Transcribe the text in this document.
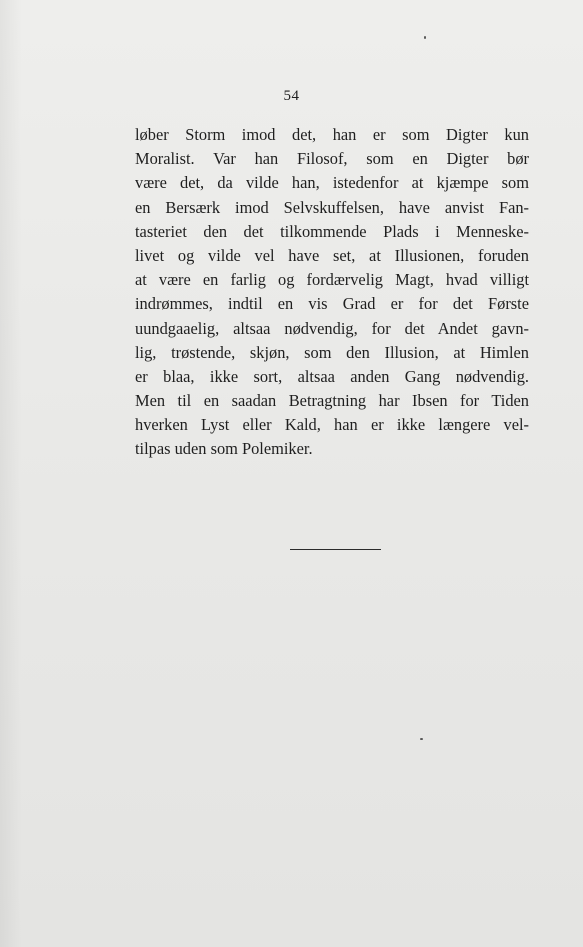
54
løber Storm imod det, han er som Digter kun
Moralist. Var han Filosof, som en Digter bør
være det, da vilde han, istedenfor at kjæmpe som
en Bersærk imod Selvskuffelsen, have anvist Fan-
tasteriet den det tilkommende Plads i Menneske-
livet og vilde vel have set, at Illusionen, foruden
at være en farlig og fordærvelig Magt, hvad villigt
indrømmes, indtil en vis Grad er for det Første
uundgaaelig, altsaa nødvendig, for det Andet gavn-
lig, trøstende, skjøn, som den Illusion, at Himlen
er blaa, ikke sort, altsaa anden Gang nødvendig.
Men til en saadan Betragtning har Ibsen for Tiden
hverken Lyst eller Kald, han er ikke længere vel-
tilpas uden som Polemiker.
